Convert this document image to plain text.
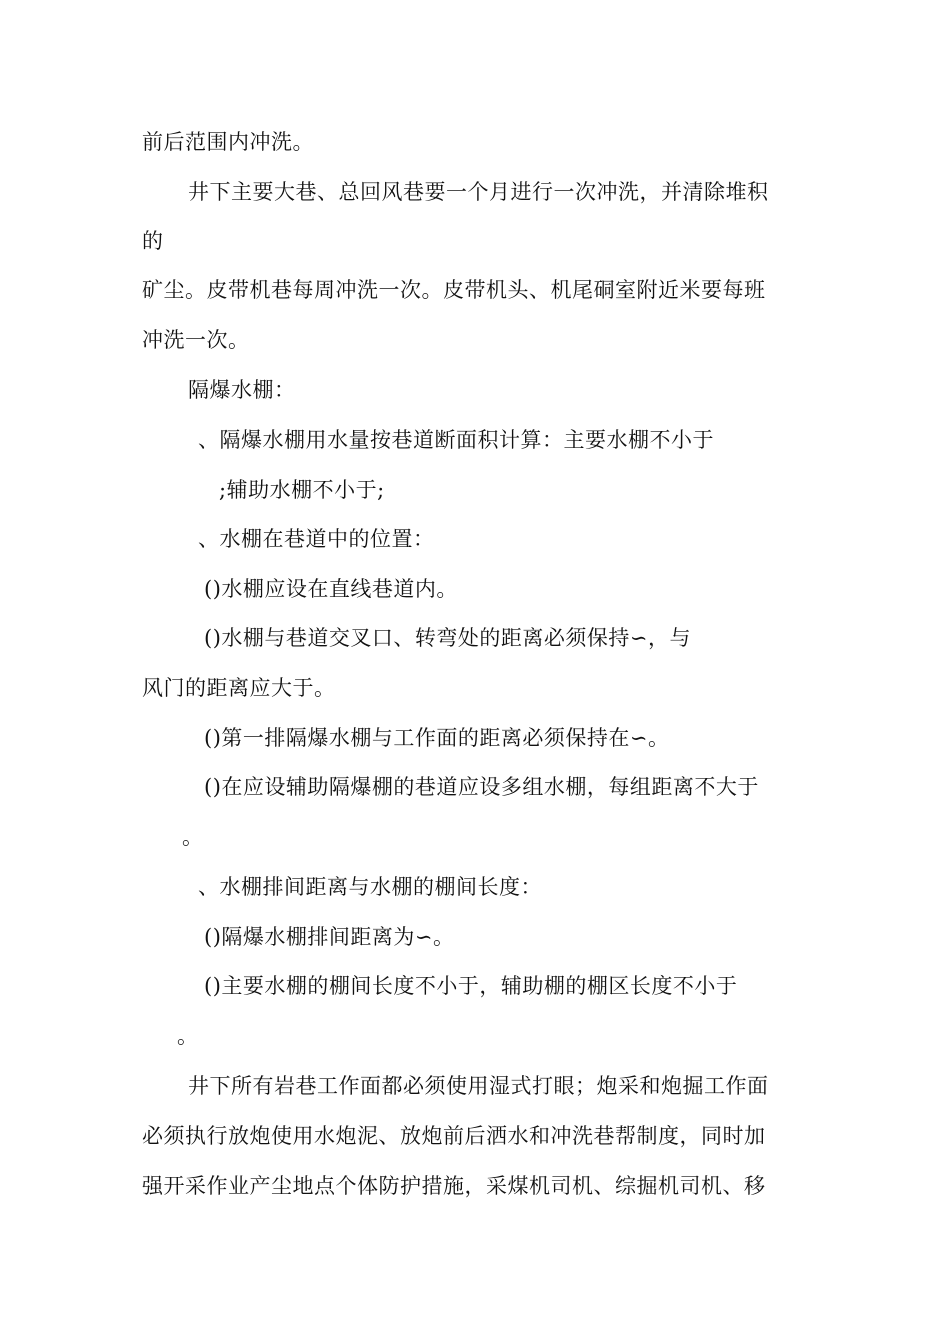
前后范围内冲洗。
井下主要大巷、总回风巷要一个月进行一次冲洗，并清除堆积
的
矿尘。皮带机巷每周冲洗一次。皮带机头、机尾硐室附近米要每班
冲洗一次。
隔爆水棚：
、隔爆水棚用水量按巷道断面积计算：主要水棚不小于
;辅助水棚不小于;
、水棚在巷道中的位置：
()水棚应设在直线巷道内。
()水棚与巷道交叉口、转弯处的距离必须保持∽，与
风门的距离应大于。
()第一排隔爆水棚与工作面的距离必须保持在∽。
()在应设辅助隔爆棚的巷道应设多组水棚，每组距离不大于
。
、水棚排间距离与水棚的棚间长度：
()隔爆水棚排间距离为∽。
()主要水棚的棚间长度不小于，辅助棚的棚区长度不小于
。
井下所有岩巷工作面都必须使用湿式打眼；炮采和炮掘工作面
必须执行放炮使用水炮泥、放炮前后洒水和冲洗巷帮制度，同时加
强开采作业产尘地点个体防护措施，采煤机司机、综掘机司机、移
